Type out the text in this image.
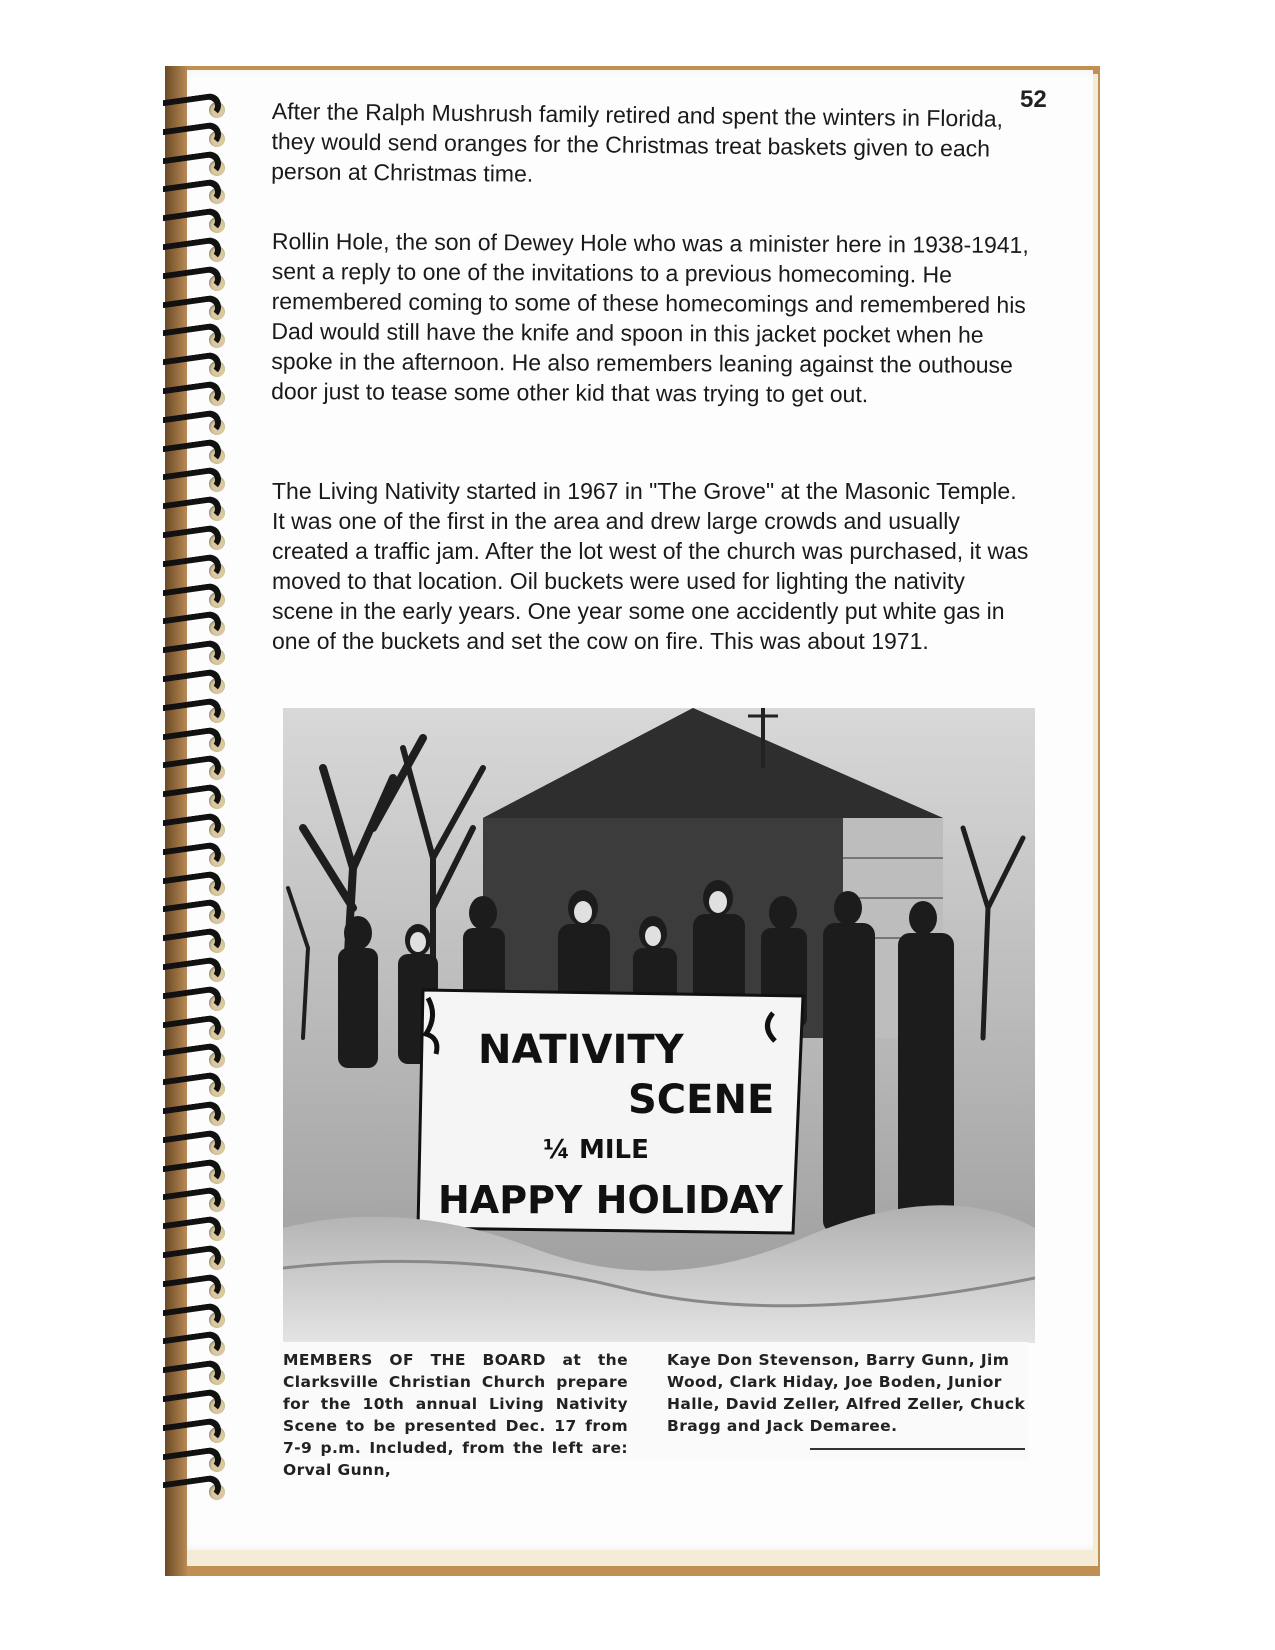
52

After the Ralph Mushrush family retired and spent the winters in Florida, they would send oranges for the Christmas treat baskets given to each person at Christmas time.

Rollin Hole, the son of Dewey Hole who was a minister here in 1938-1941, sent a reply to one of the invitations to a previous homecoming. He remembered coming to some of these homecomings and remembered his Dad would still have the knife and spoon in this jacket pocket when he spoke in the afternoon. He also remembers leaning against the outhouse door just to tease some other kid that was trying to get out.

The Living Nativity started in 1967 in "The Grove" at the Masonic Temple. It was one of the first in the area and drew large crowds and usually created a traffic jam. After the lot west of the church was purchased, it was moved to that location. Oil buckets were used for lighting the nativity scene in the early years. One year some one accidently put white gas in one of the buckets and set the cow on fire. This was about 1971.

NATIVITY
SCENE
¼ MILE
HAPPY HOLIDAY
MEMBERS OF THE BOARD at the Clarksville Christian Church prepare for the 10th annual Living Nativity Scene to be presented Dec. 17 from 7-9 p.m. Included, from the left are: Orval Gunn,
Kaye Don Stevenson, Barry Gunn, Jim Wood, Clark Hiday, Joe Boden, Junior Halle, David Zeller, Alfred Zeller, Chuck Bragg and Jack Demaree.
